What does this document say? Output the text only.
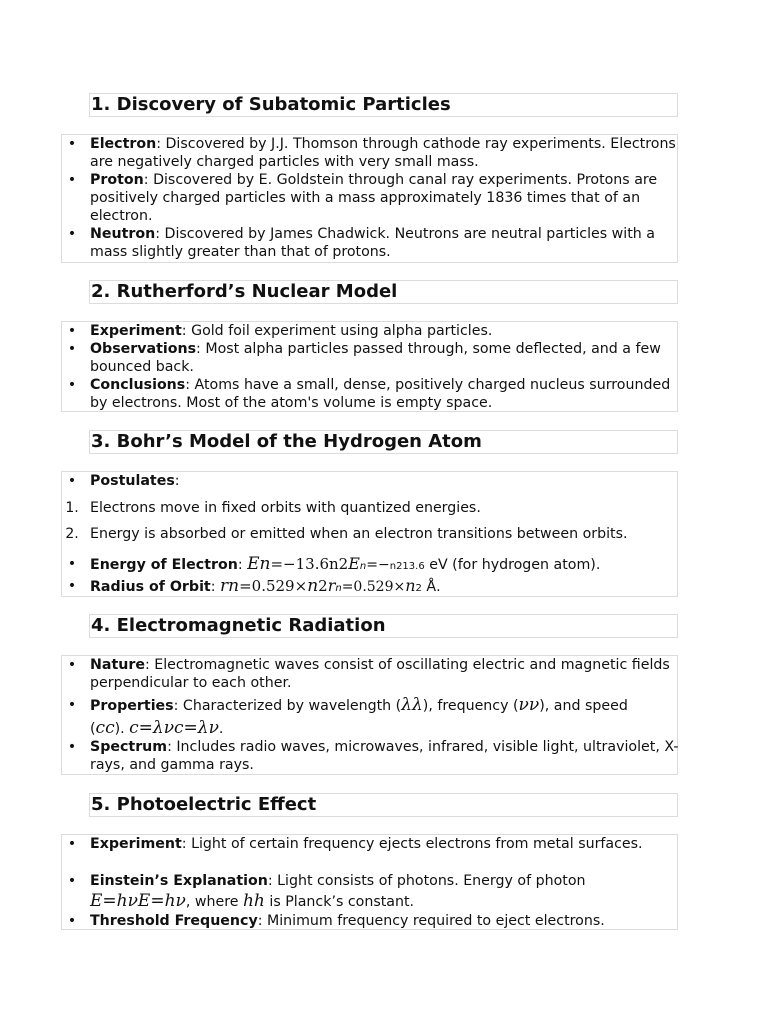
1. Discovery of Subatomic Particles
• Electron: Discovered by J.J. Thomson through cathode ray experiments. Electrons are negatively charged particles with very small mass.
• Proton: Discovered by E. Goldstein through canal ray experiments. Protons are positively charged particles with a mass approximately 1836 times that of an electron.
• Neutron: Discovered by James Chadwick. Neutrons are neutral particles with a mass slightly greater than that of protons.
2. Rutherford’s Nuclear Model
• Experiment: Gold foil experiment using alpha particles.
• Observations: Most alpha particles passed through, some deflected, and a few bounced back.
• Conclusions: Atoms have a small, dense, positively charged nucleus surrounded by electrons. Most of the atom's volume is empty space.
3. Bohr’s Model of the Hydrogen Atom
• Postulates:
1. Electrons move in fixed orbits with quantized energies.
2. Energy is absorbed or emitted when an electron transitions between orbits.
• Energy of Electron: En=−13.6n2En=−n213.6 eV (for hydrogen atom).
• Radius of Orbit: rn=0.529×n2rn=0.529×n2 Å.
4. Electromagnetic Radiation
• Nature: Electromagnetic waves consist of oscillating electric and magnetic fields perpendicular to each other.
• Properties: Characterized by wavelength (λλ), frequency (νν), and speed
(cc). c=λνc=λν.
• Spectrum: Includes radio waves, microwaves, infrared, visible light, ultraviolet, X-rays, and gamma rays.
5. Photoelectric Effect
• Experiment: Light of certain frequency ejects electrons from metal surfaces.
• Einstein’s Explanation: Light consists of photons. Energy of photon
E=hνE=hν, where hh is Planck’s constant.
• Threshold Frequency: Minimum frequency required to eject electrons.
